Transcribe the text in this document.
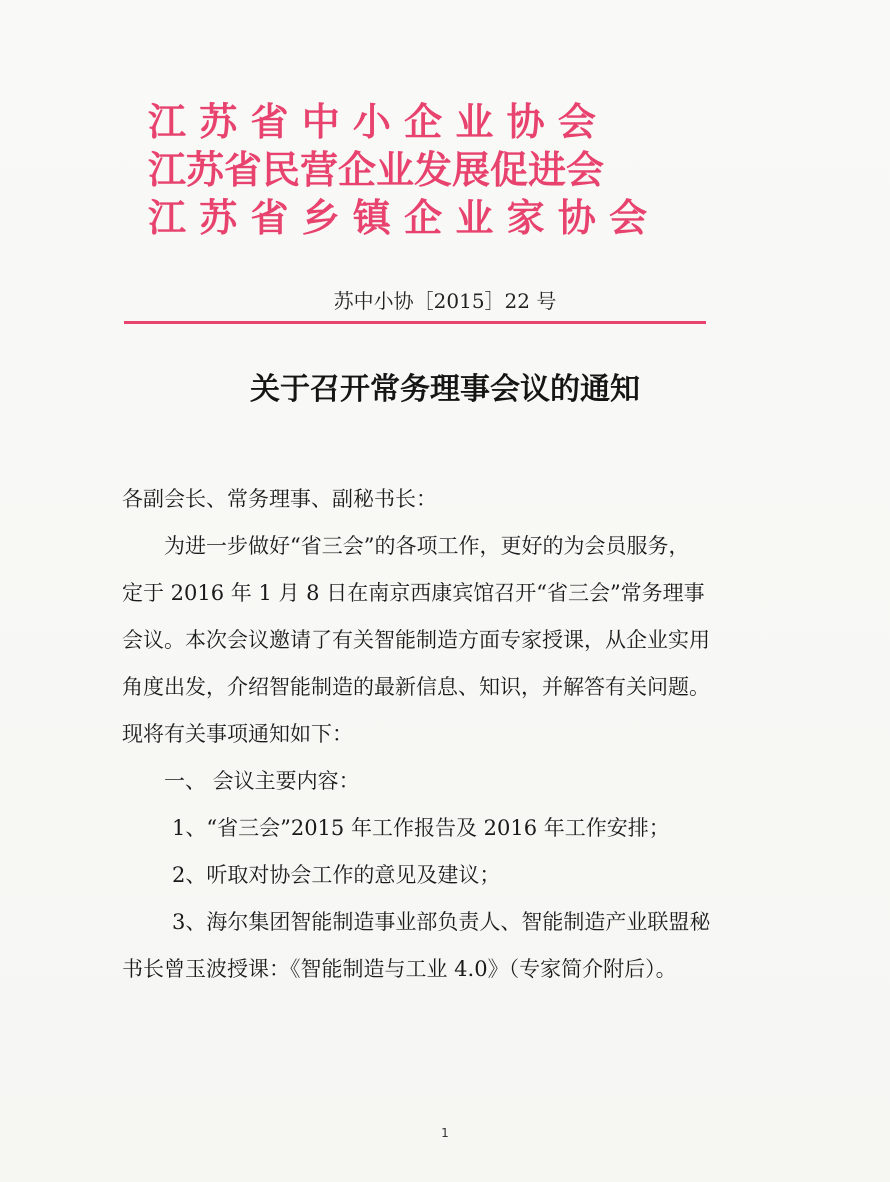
江 苏 省 中 小 企 业 协 会
江苏省民营企业发展促进会
江 苏 省 乡 镇 企 业 家 协 会
苏中小协［2015］22 号
关于召开常务理事会议的通知
各副会长、常务理事、副秘书长：
为进一步做好“省三会”的各项工作，更好的为会员服务，
定于 2016 年 1 月 8 日在南京西康宾馆召开“省三会”常务理事
会议。本次会议邀请了有关智能制造方面专家授课，从企业实用
角度出发，介绍智能制造的最新信息、知识，并解答有关问题。
现将有关事项通知如下：
一、 会议主要内容：
1、“省三会”2015 年工作报告及 2016 年工作安排；
2、听取对协会工作的意见及建议；
3、海尔集团智能制造事业部负责人、智能制造产业联盟秘
书长曾玉波授课：《智能制造与工业 4.0》（专家简介附后）。
1
